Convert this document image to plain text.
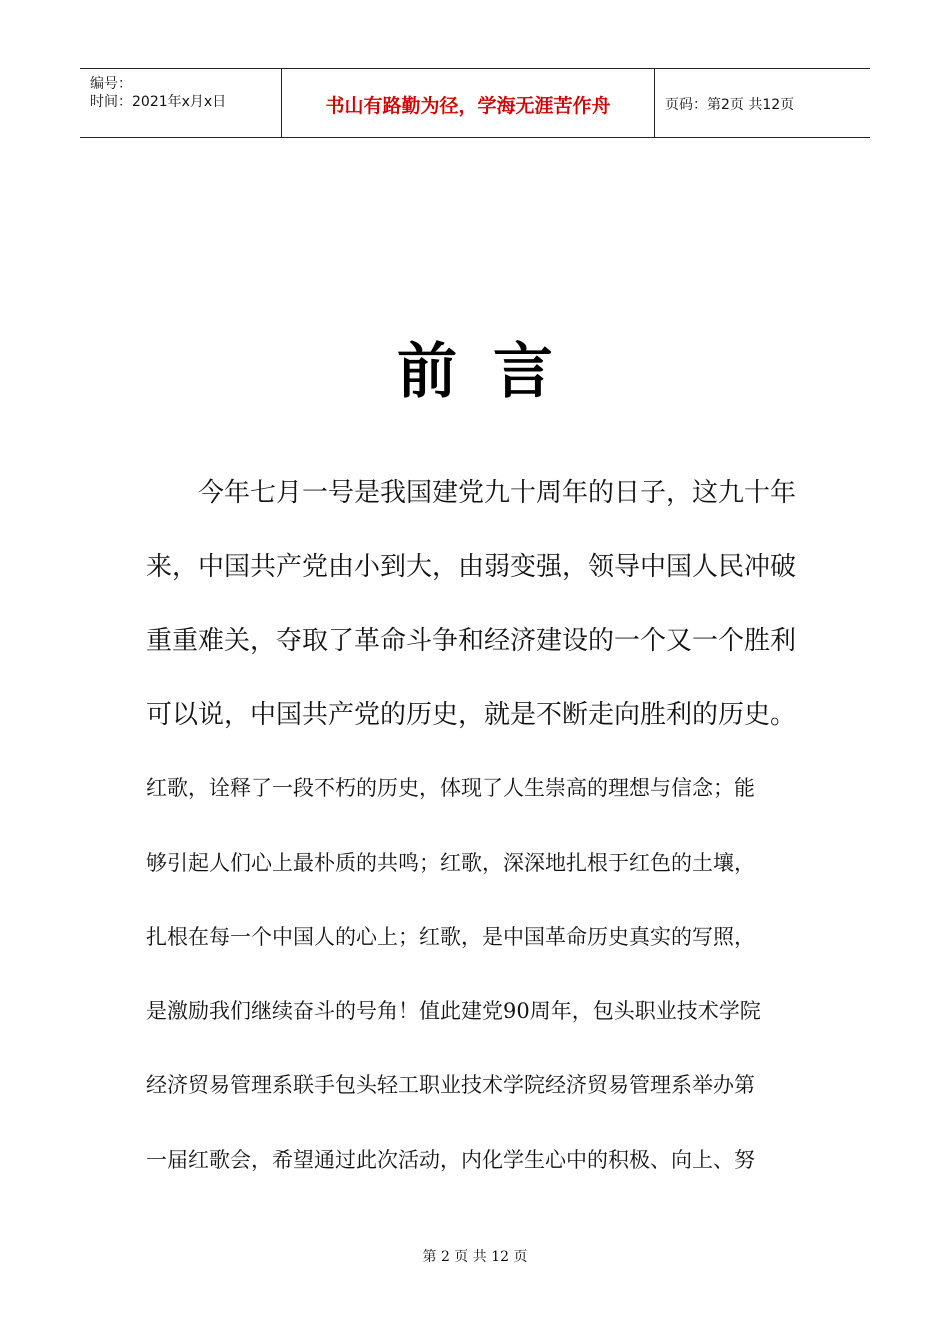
编号：
时间：2021年x月x日	书山有路勤为径，学海无涯苦作舟	页码：第2页 共12页
前言
　　今年七月一号是我国建党九十周年的日子，这九十年
来，中国共产党由小到大，由弱变强，领导中国人民冲破
重重难关，夺取了革命斗争和经济建设的一个又一个胜利
可以说，中国共产党的历史，就是不断走向胜利的历史。
红歌，诠释了一段不朽的历史，体现了人生崇高的理想与信念；能
够引起人们心上最朴质的共鸣；红歌，深深地扎根于红色的土壤，
扎根在每一个中国人的心上；红歌，是中国革命历史真实的写照，
是激励我们继续奋斗的号角！值此建党90周年，包头职业技术学院
经济贸易管理系联手包头轻工职业技术学院经济贸易管理系举办第
一届红歌会，希望通过此次活动，内化学生心中的积极、向上、努
第 2 页 共 12 页
